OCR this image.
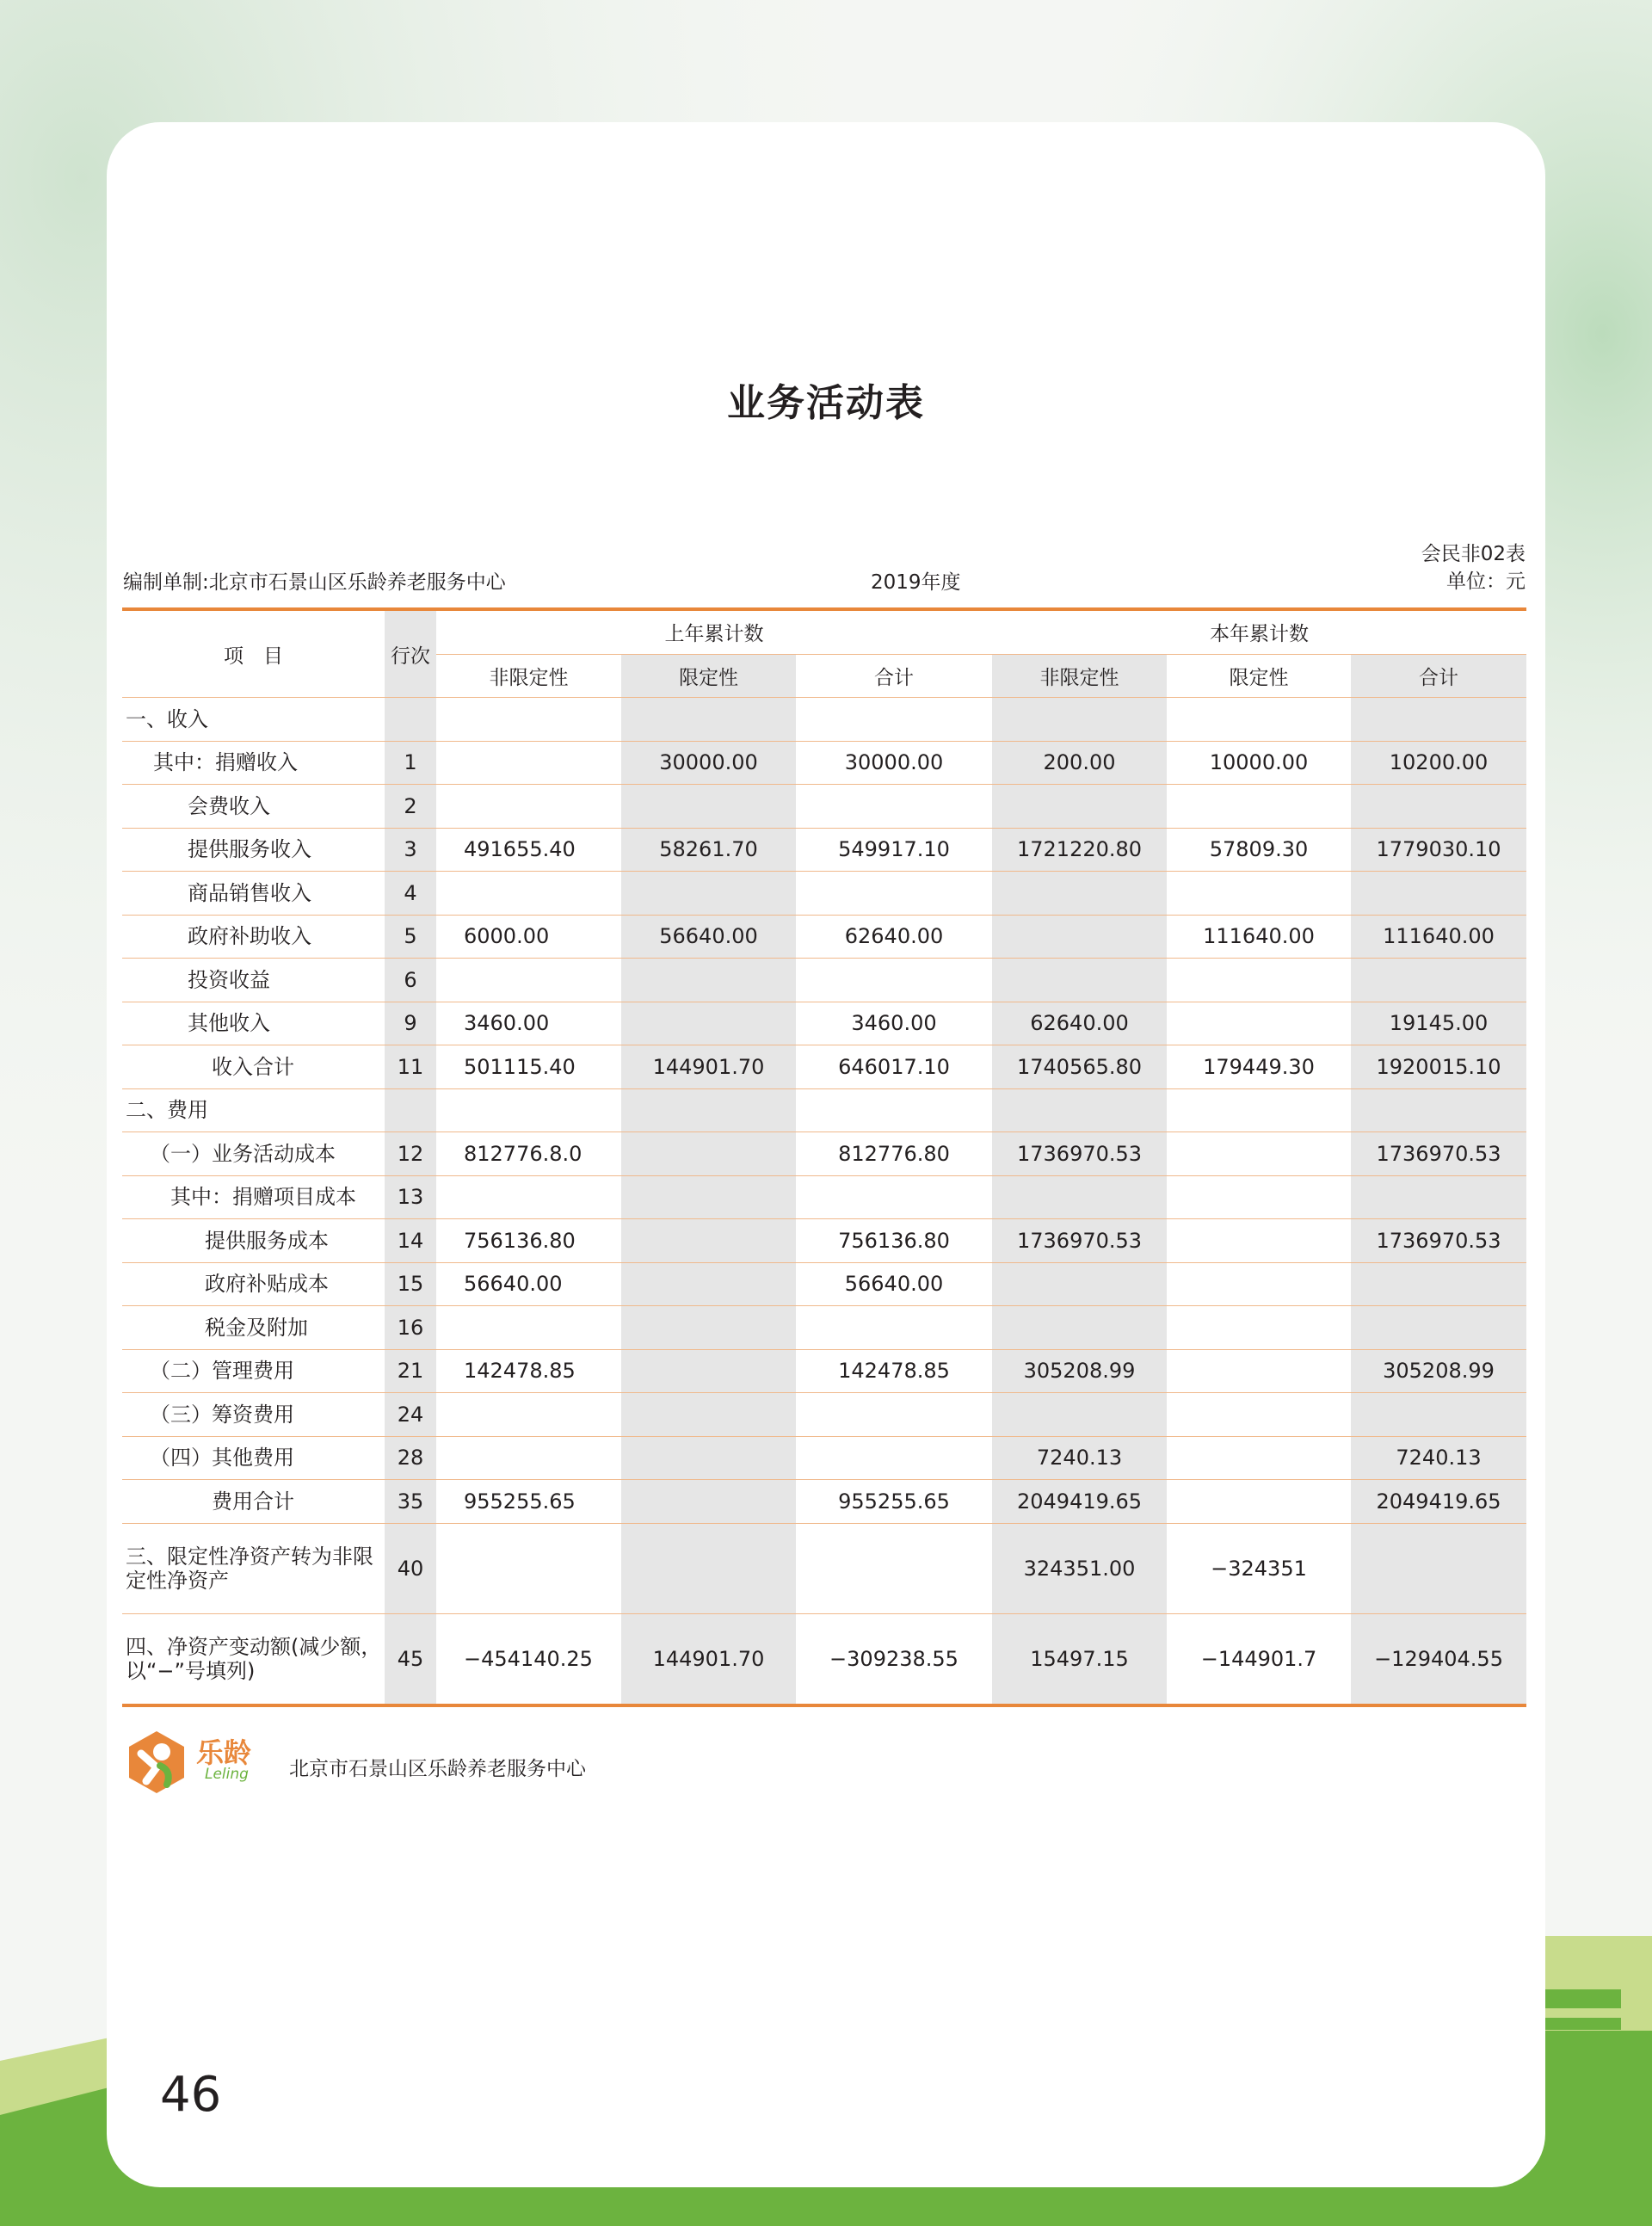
业务活动表
编制单制:北京市石景山区乐龄养老服务中心	2019年度
会民非02表
单位：元
项　目	行次	上年累计数			本年累计数		
		非限定性	限定性	合计	非限定性	限定性	合计
一、收入							
其中：捐赠收入	1		30000.00	30000.00	200.00	10000.00	10200.00
会费收入	2						
提供服务收入	3	491655.40	58261.70	549917.10	1721220.80	57809.30	1779030.10
商品销售收入	4						
政府补助收入	5	6000.00	56640.00	62640.00		111640.00	111640.00
投资收益	6						
其他收入	9	3460.00		3460.00	62640.00		19145.00
收入合计	11	501115.40	144901.70	646017.10	1740565.80	179449.30	1920015.10
二、费用							
（一）业务活动成本	12	812776.8.0		812776.80	1736970.53		1736970.53
其中：捐赠项目成本	13						
提供服务成本	14	756136.80		756136.80	1736970.53		1736970.53
政府补贴成本	15	56640.00		56640.00			
税金及附加	16						
（二）管理费用	21	142478.85		142478.85	305208.99		305208.99
（三）筹资费用	24						
（四）其他费用	28				7240.13		7240.13
费用合计	35	955255.65		955255.65	2049419.65		2049419.65
三、限定性净资产转为非限定性净资产	40				324351.00	−324351	
四、净资产变动额(减少额，以“−”号填列)	45	−454140.25	144901.70	−309238.55	15497.15	−144901.7	−129404.55
乐龄
Leling 北京市石景山区乐龄养老服务中心
46
